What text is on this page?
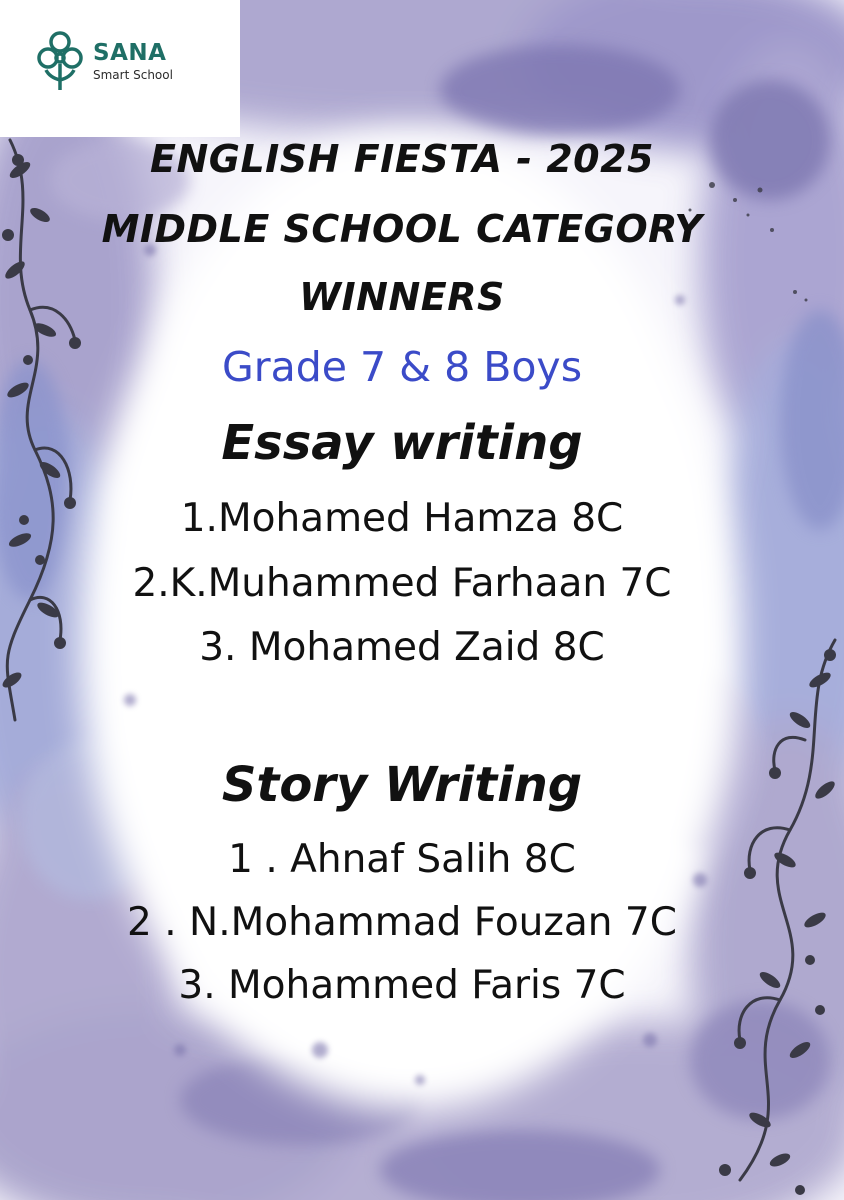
SANA
Smart School
ENGLISH FIESTA - 2025
MIDDLE SCHOOL CATEGORY
WINNERS
Grade 7 & 8 Boys
Essay writing
1.Mohamed Hamza 8C
2.K.Muhammed Farhaan 7C
3. Mohamed Zaid 8C
Story Writing
1 . Ahnaf Salih 8C
2 . N.Mohammad Fouzan 7C
3. Mohammed Faris 7C
